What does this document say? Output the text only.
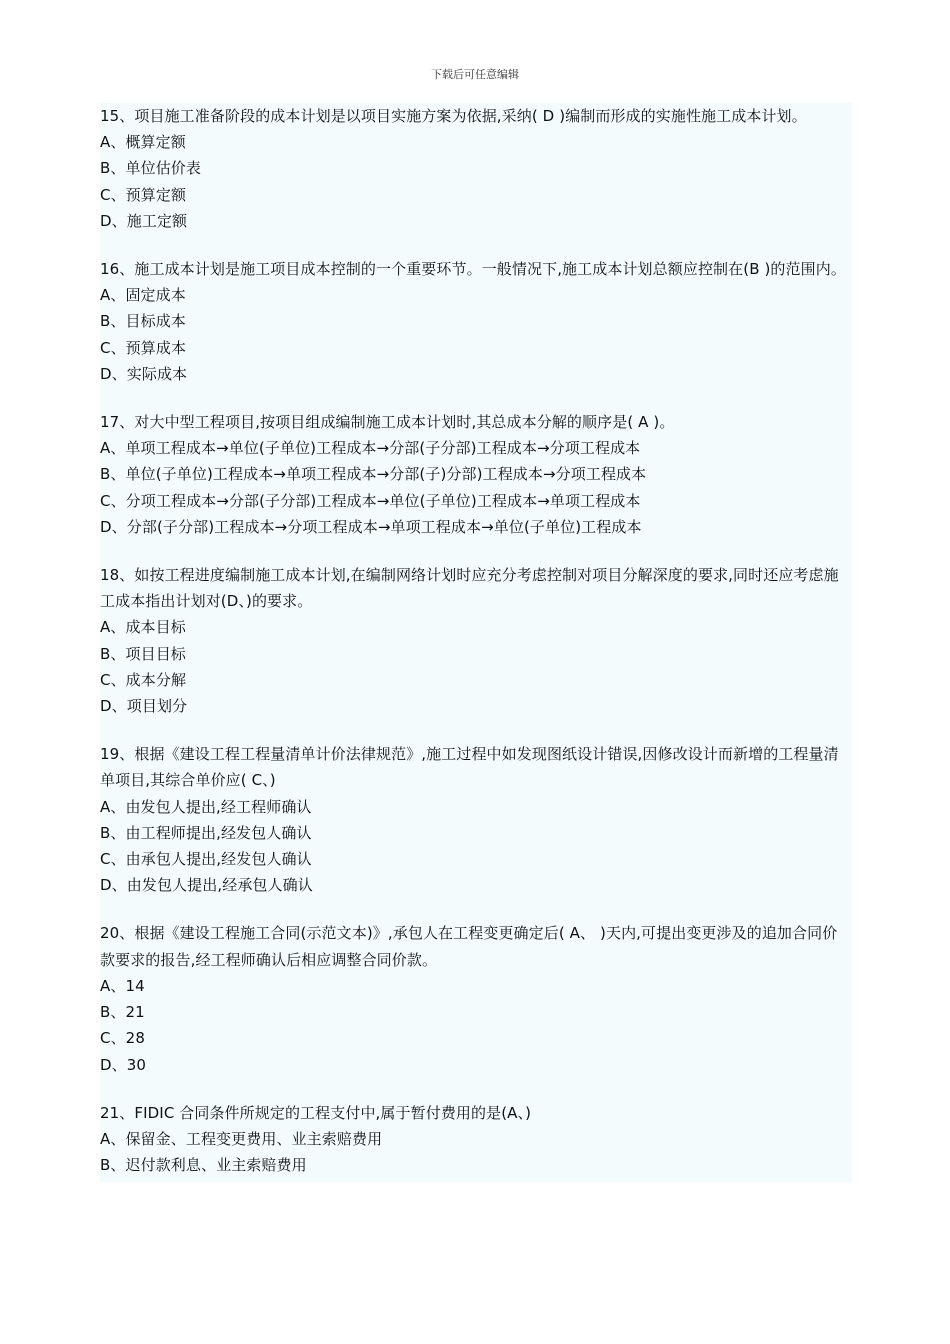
下载后可任意编辑

15、项目施工准备阶段的成本计划是以项目实施方案为依据,采纳( D )编制而形成的实施性施工成本计划。

A、概算定额

B、单位估价表

C、预算定额

D、施工定额

16、施工成本计划是施工项目成本控制的一个重要环节。一般情况下,施工成本计划总额应控制在(B )的范围内。

A、固定成本

B、目标成本

C、预算成本

D、实际成本

17、对大中型工程项目,按项目组成编制施工成本计划时,其总成本分解的顺序是( A )。

A、单项工程成本→单位(子单位)工程成本→分部(子分部)工程成本→分项工程成本

B、单位(子单位)工程成本→单项工程成本→分部(子)分部)工程成本→分项工程成本

C、分项工程成本→分部(子分部)工程成本→单位(子单位)工程成本→单项工程成本

D、分部(子分部)工程成本→分项工程成本→单项工程成本→单位(子单位)工程成本

18、如按工程进度编制施工成本计划,在编制网络计划时应充分考虑控制对项目分解深度的要求,同时还应考虑施工成本指出计划对(D、)的要求。

A、成本目标

B、项目目标

C、成本分解

D、项目划分

19、根据《建设工程工程量清单计价法律规范》,施工过程中如发现图纸设计错误,因修改设计而新增的工程量清单项目,其综合单价应( C、)

A、由发包人提出,经工程师确认

B、由工程师提出,经发包人确认

C、由承包人提出,经发包人确认

D、由发包人提出,经承包人确认

20、根据《建设工程施工合同(示范文本)》,承包人在工程变更确定后( A、 )天内,可提出变更涉及的追加合同价款要求的报告,经工程师确认后相应调整合同价款。

A、14

B、21

C、28

D、30

21、FIDIC 合同条件所规定的工程支付中,属于暂付费用的是(A、)

A、保留金、工程变更费用、业主索赔费用

B、迟付款利息、业主索赔费用
